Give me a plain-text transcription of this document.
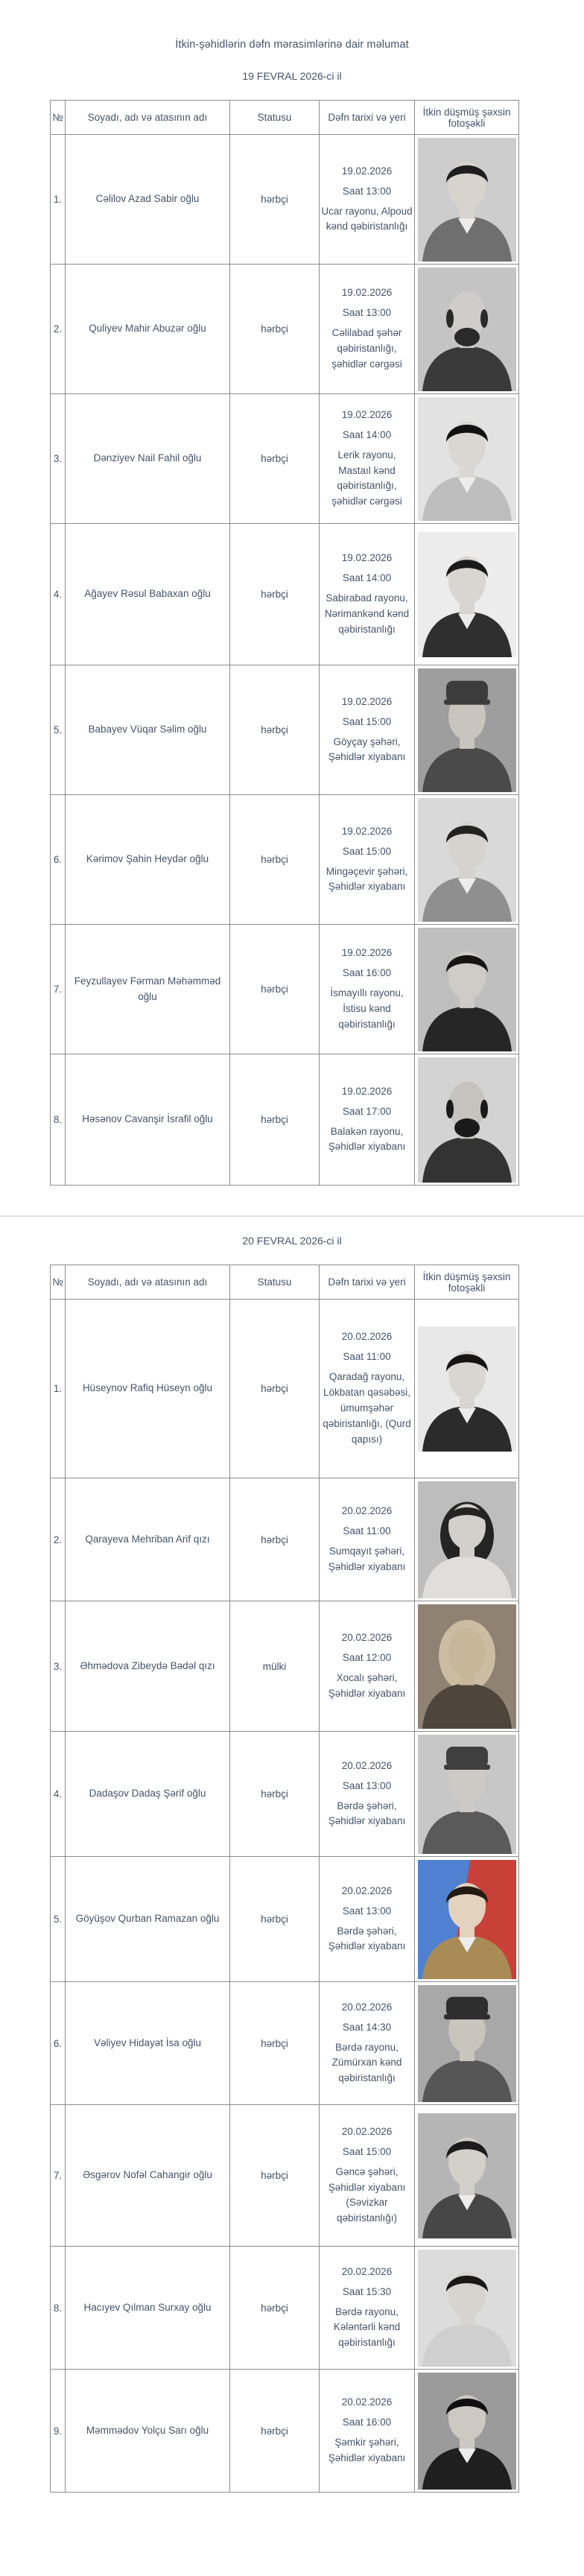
İtkin-şəhidlərin dəfn mərasimlərinə dair məlumat
19 FEVRAL 2026-ci il
№	Soyadı, adı və atasının adı	Statusu	Dəfn tarixi və yeri	İtkin düşmüş şəxsin fotoşəkli
1.	Cəlilov Azad Sabir oğlu	hərbçi	19.02.2026

Saat 13:00

Ucar rayonu, Alpoud kənd qəbiristanlığı

2.	Quliyev Mahir Abuzər oğlu	hərbçi	19.02.2026

Saat 13:00

Cəlilabad şəhər qəbiristanlığı, şəhidlər cərgəsi

3.	Dənziyev Nail Fahil oğlu	hərbçi	19.02.2026

Saat 14:00

Lerik rayonu, Mastaıl kənd qəbiristanlığı, şəhidlər cərgəsi

4.	Ağayev Rəsul Babaxan oğlu	hərbçi	19.02.2026

Saat 14:00

Sabirabad rayonu, Nərimankənd kənd qəbiristanlığı

5.	Babayev Vüqar Səlim oğlu	hərbçi	19.02.2026

Saat 15:00

Göyçay şəhəri, Şəhidlər xiyabanı

6.	Kərimov Şahin Heydər oğlu	hərbçi	19.02.2026

Saat 15:00

Mingəçevir şəhəri, Şəhidlər xiyabanı

7.	Feyzullayev Fərman Məhəmməd oğlu	hərbçi	19.02.2026

Saat 16:00

İsmayıllı rayonu, İstisu kənd qəbiristanlığı

8.	Həsənov Cavanşir İsrafil oğlu	hərbçi	19.02.2026

Saat 17:00

Balakən rayonu, Şəhidlər xiyabanı

20 FEVRAL 2026-ci il
№	Soyadı, adı və atasının adı	Statusu	Dəfn tarixi və yeri	İtkin düşmüş şəxsin fotoşəkli
1.	Hüseynov Rafiq Hüseyn oğlu	hərbçi	20.02.2026

Saat 11:00

Qaradağ rayonu, Lökbatan qəsəbəsi, ümumşəhər qəbiristanlığı, (Qurd qapısı)

2.	Qarayeva Mehriban Arif qızı	hərbçi	20.02.2026

Saat 11:00

Sumqayıt şəhəri, Şəhidlər xiyabanı

3.	Əhmədova Zibeydə Bədəl qızı	mülki	20.02.2026

Saat 12:00

Xocalı şəhəri, Şəhidlər xiyabanı

4.	Dadaşov Dadaş Şərif oğlu	hərbçi	20.02.2026

Saat 13:00

Bərdə şəhəri, Şəhidlər xiyabanı

5.	Göyüşov Qurban Ramazan oğlu	hərbçi	20.02.2026

Saat 13:00

Bərdə şəhəri, Şəhidlər xiyabanı

6.	Vəliyev Hidayət İsa oğlu	hərbçi	20.02.2026

Saat 14:30

Bərdə rayonu, Zümürxan kənd qəbiristanlığı

7.	Əsgərov Nofəl Cahangir oğlu	hərbçi	20.02.2026

Saat 15:00

Gəncə şəhəri, Şəhidlər xiyabanı (Səvizkar qəbiristanlığı)

8.	Hacıyev Qılman Surxay oğlu	hərbçi	20.02.2026

Saat 15:30

Bərdə rayonu, Kələntərli kənd qəbiristanlığı

9.	Məmmədov Yolçu Sarı oğlu	hərbçi	20.02.2026

Saat 16:00

Şəmkir şəhəri, Şəhidlər xiyabanı
